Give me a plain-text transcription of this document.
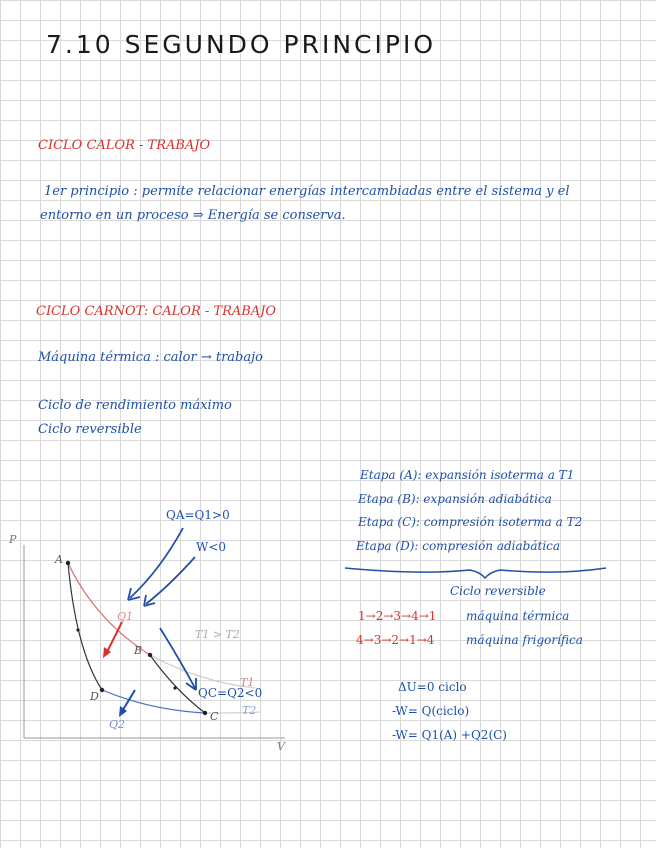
7.10 SEGUNDO PRINCIPIO
CICLO CALOR - TRABAJO
1er principio : permite relacionar energías intercambiadas entre el sistema y el
entorno en un proceso ⇒ Energía se conserva.
CICLO CARNOT: CALOR - TRABAJO
Máquina térmica : calor → trabajo
Ciclo de rendimiento máximo
Ciclo reversible
QA=Q1>0
W<0
QC=Q2<0
P
V
A
B
C
D
Q1
Q2
T1
T2
T1 > T2
Etapa (A): expansión isoterma a T1
Etapa (B): expansión adiabática
Etapa (C): compresión isoterma a T2
Etapa (D): compresión adiabática
Ciclo reversible
1→2→3→4→1 máquina térmica
4→3→2→1→4	máquina frigorífica
ΔU=0 ciclo
-W= Q(ciclo)
-W= Q1(A) +Q2(C)
